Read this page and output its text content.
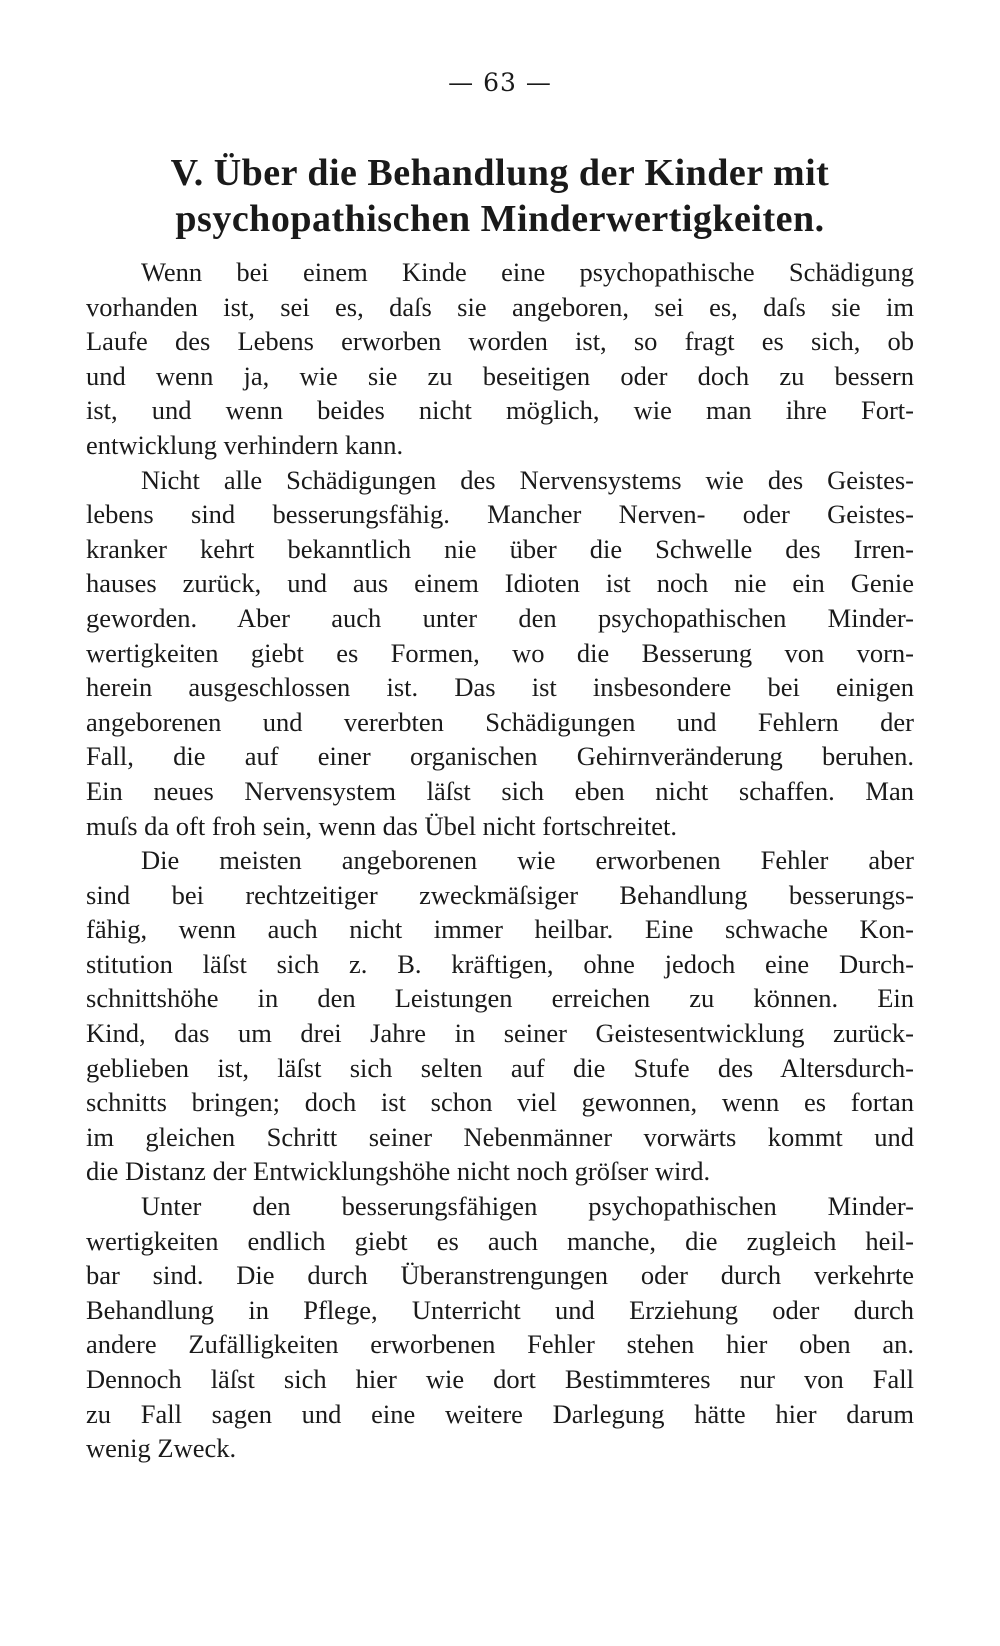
— 63 —
V. Über die Behandlung der Kinder mit
psychopathischen Minderwertigkeiten.
Wenn bei einem Kinde eine psychopathische Schädigung
vorhanden ist, sei es, daſs sie angeboren, sei es, daſs sie im
Laufe des Lebens erworben worden ist, so fragt es sich, ob
und wenn ja, wie sie zu beseitigen oder doch zu bessern
ist, und wenn beides nicht möglich, wie man ihre Fort-
entwicklung verhindern kann.
Nicht alle Schädigungen des Nervensystems wie des Geistes-
lebens sind besserungsfähig. Mancher Nerven- oder Geistes-
kranker kehrt bekanntlich nie über die Schwelle des Irren-
hauses zurück, und aus einem Idioten ist noch nie ein Genie
geworden. Aber auch unter den psychopathischen Minder-
wertigkeiten giebt es Formen, wo die Besserung von vorn-
herein ausgeschlossen ist. Das ist insbesondere bei einigen
angeborenen und vererbten Schädigungen und Fehlern der
Fall, die auf einer organischen Gehirnveränderung beruhen.
Ein neues Nervensystem läſst sich eben nicht schaffen. Man
muſs da oft froh sein, wenn das Übel nicht fortschreitet.
Die meisten angeborenen wie erworbenen Fehler aber
sind bei rechtzeitiger zweckmäſsiger Behandlung besserungs-
fähig, wenn auch nicht immer heilbar. Eine schwache Kon-
stitution läſst sich z. B. kräftigen, ohne jedoch eine Durch-
schnittshöhe in den Leistungen erreichen zu können. Ein
Kind, das um drei Jahre in seiner Geistesentwicklung zurück-
geblieben ist, läſst sich selten auf die Stufe des Altersdurch-
schnitts bringen; doch ist schon viel gewonnen, wenn es fortan
im gleichen Schritt seiner Nebenmänner vorwärts kommt und
die Distanz der Entwicklungshöhe nicht noch gröſser wird.
Unter den besserungsfähigen psychopathischen Minder-
wertigkeiten endlich giebt es auch manche, die zugleich heil-
bar sind. Die durch Überanstrengungen oder durch verkehrte
Behandlung in Pflege, Unterricht und Erziehung oder durch
andere Zufälligkeiten erworbenen Fehler stehen hier oben an.
Dennoch läſst sich hier wie dort Bestimmteres nur von Fall
zu Fall sagen und eine weitere Darlegung hätte hier darum
wenig Zweck.
